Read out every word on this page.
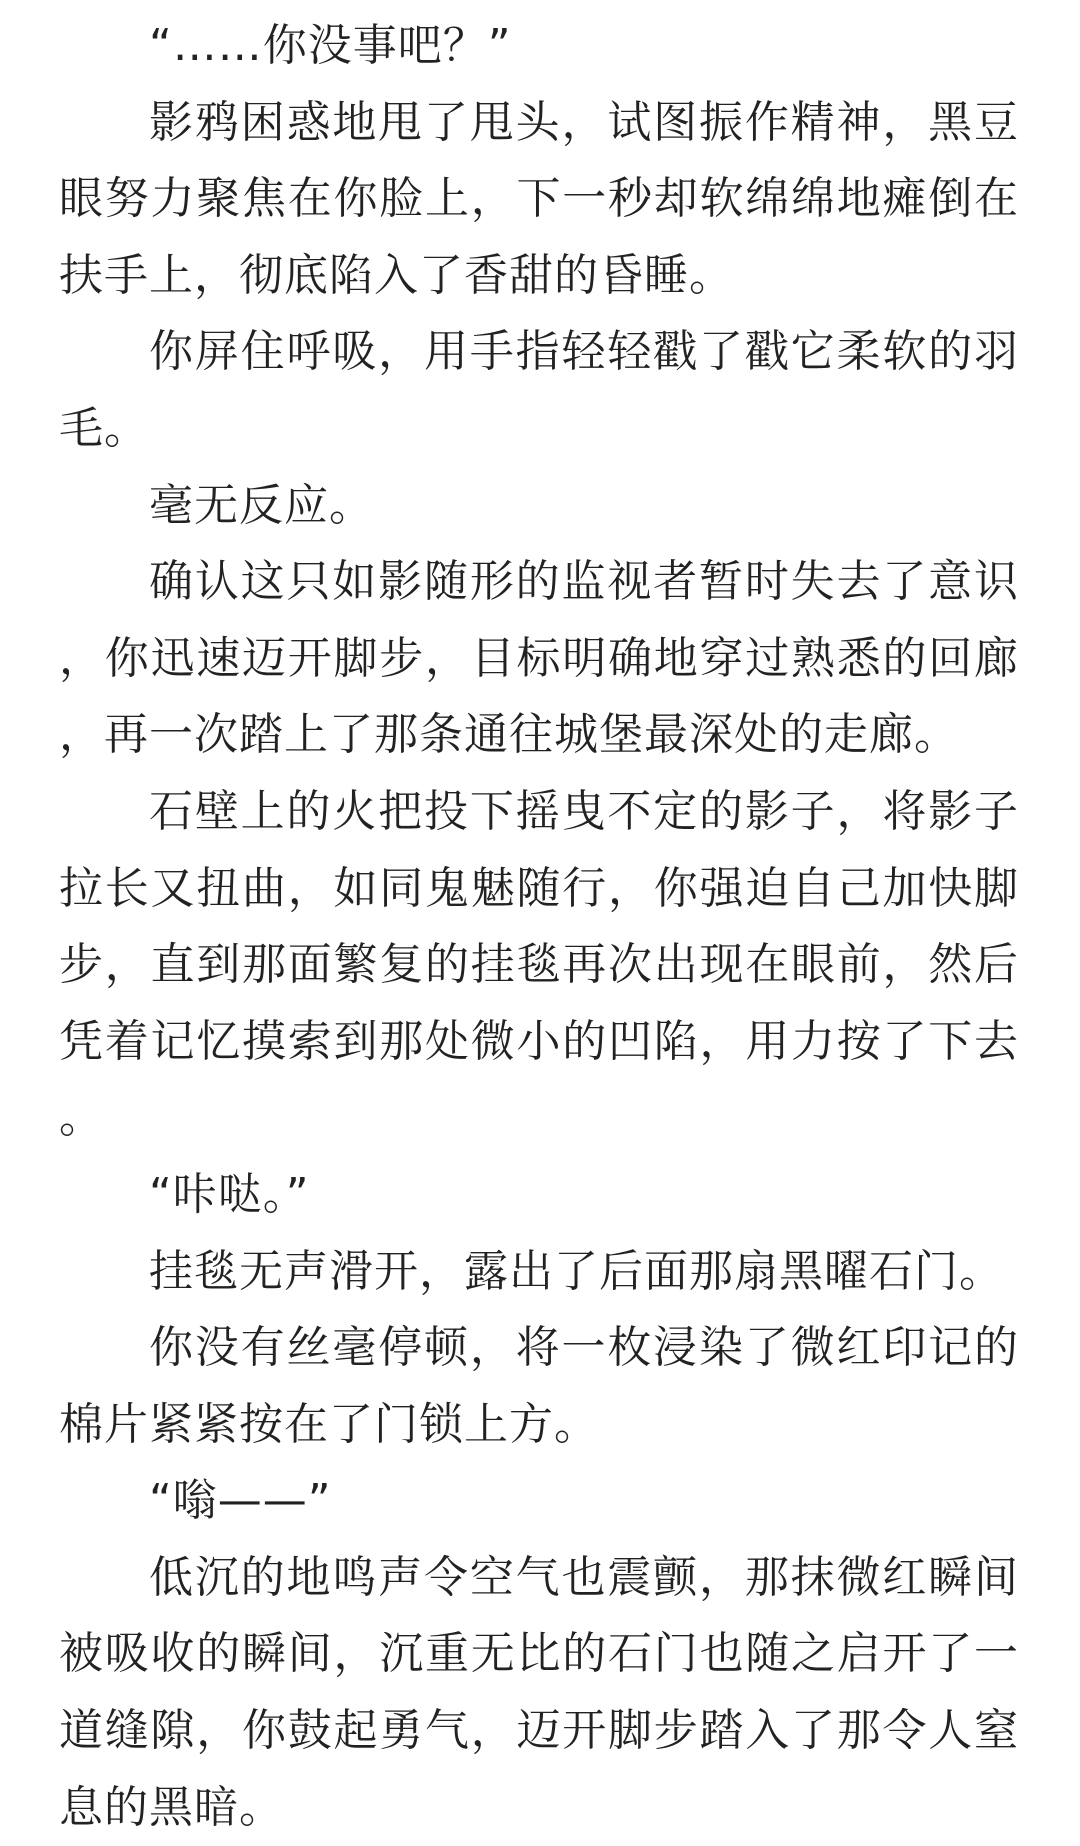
“……你没事吧？”

影鸦困惑地甩了甩头，试图振作精神，黑豆眼努力聚焦在你脸上，下一秒却软绵绵地瘫倒在扶手上，彻底陷入了香甜的昏睡。

你屏住呼吸，用手指轻轻戳了戳它柔软的羽毛。

毫无反应。

确认这只如影随形的监视者暂时失去了意识，你迅速迈开脚步，目标明确地穿过熟悉的回廊，再一次踏上了那条通往城堡最深处的走廊。

石壁上的火把投下摇曳不定的影子，将影子拉长又扭曲，如同鬼魅随行，你强迫自己加快脚步，直到那面繁复的挂毯再次出现在眼前，然后凭着记忆摸索到那处微小的凹陷，用力按了下去。

“咔哒。”

挂毯无声滑开，露出了后面那扇黑曜石门。

你没有丝毫停顿，将一枚浸染了微红印记的棉片紧紧按在了门锁上方。

“嗡——”

低沉的地鸣声令空气也震颤，那抹微红瞬间被吸收的瞬间，沉重无比的石门也随之启开了一道缝隙，你鼓起勇气，迈开脚步踏入了那令人窒息的黑暗。
